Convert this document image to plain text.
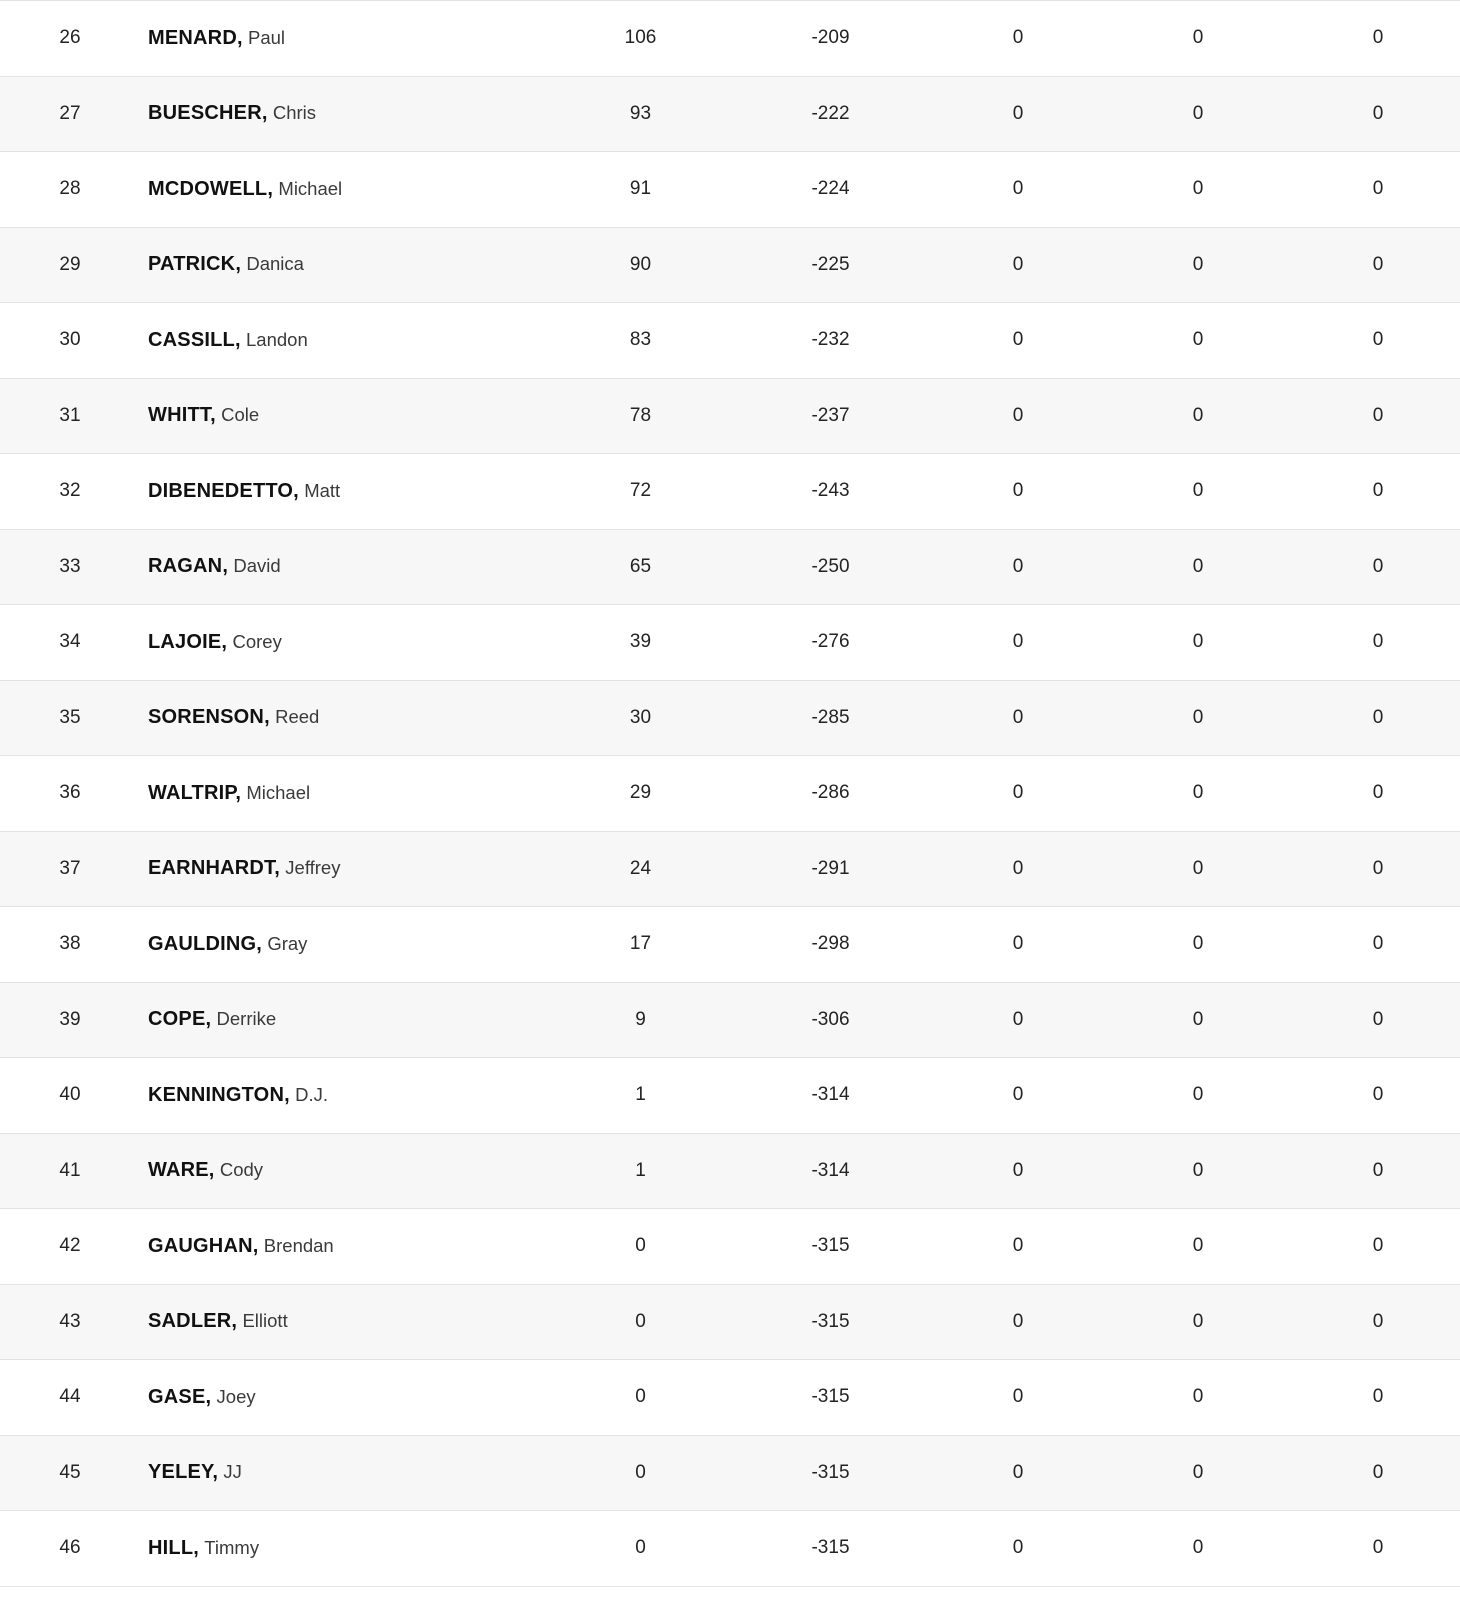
26	MENARD, Paul	106	-209	0	0	0
27	BUESCHER, Chris	93	-222	0	0	0
28	MCDOWELL, Michael	91	-224	0	0	0
29	PATRICK, Danica	90	-225	0	0	0
30	CASSILL, Landon	83	-232	0	0	0
31	WHITT, Cole	78	-237	0	0	0
32	DIBENEDETTO, Matt	72	-243	0	0	0
33	RAGAN, David	65	-250	0	0	0
34	LAJOIE, Corey	39	-276	0	0	0
35	SORENSON, Reed	30	-285	0	0	0
36	WALTRIP, Michael	29	-286	0	0	0
37	EARNHARDT, Jeffrey	24	-291	0	0	0
38	GAULDING, Gray	17	-298	0	0	0
39	COPE, Derrike	9	-306	0	0	0
40	KENNINGTON, D.J.	1	-314	0	0	0
41	WARE, Cody	1	-314	0	0	0
42	GAUGHAN, Brendan	0	-315	0	0	0
43	SADLER, Elliott	0	-315	0	0	0
44	GASE, Joey	0	-315	0	0	0
45	YELEY, JJ	0	-315	0	0	0
46	HILL, Timmy	0	-315	0	0	0
